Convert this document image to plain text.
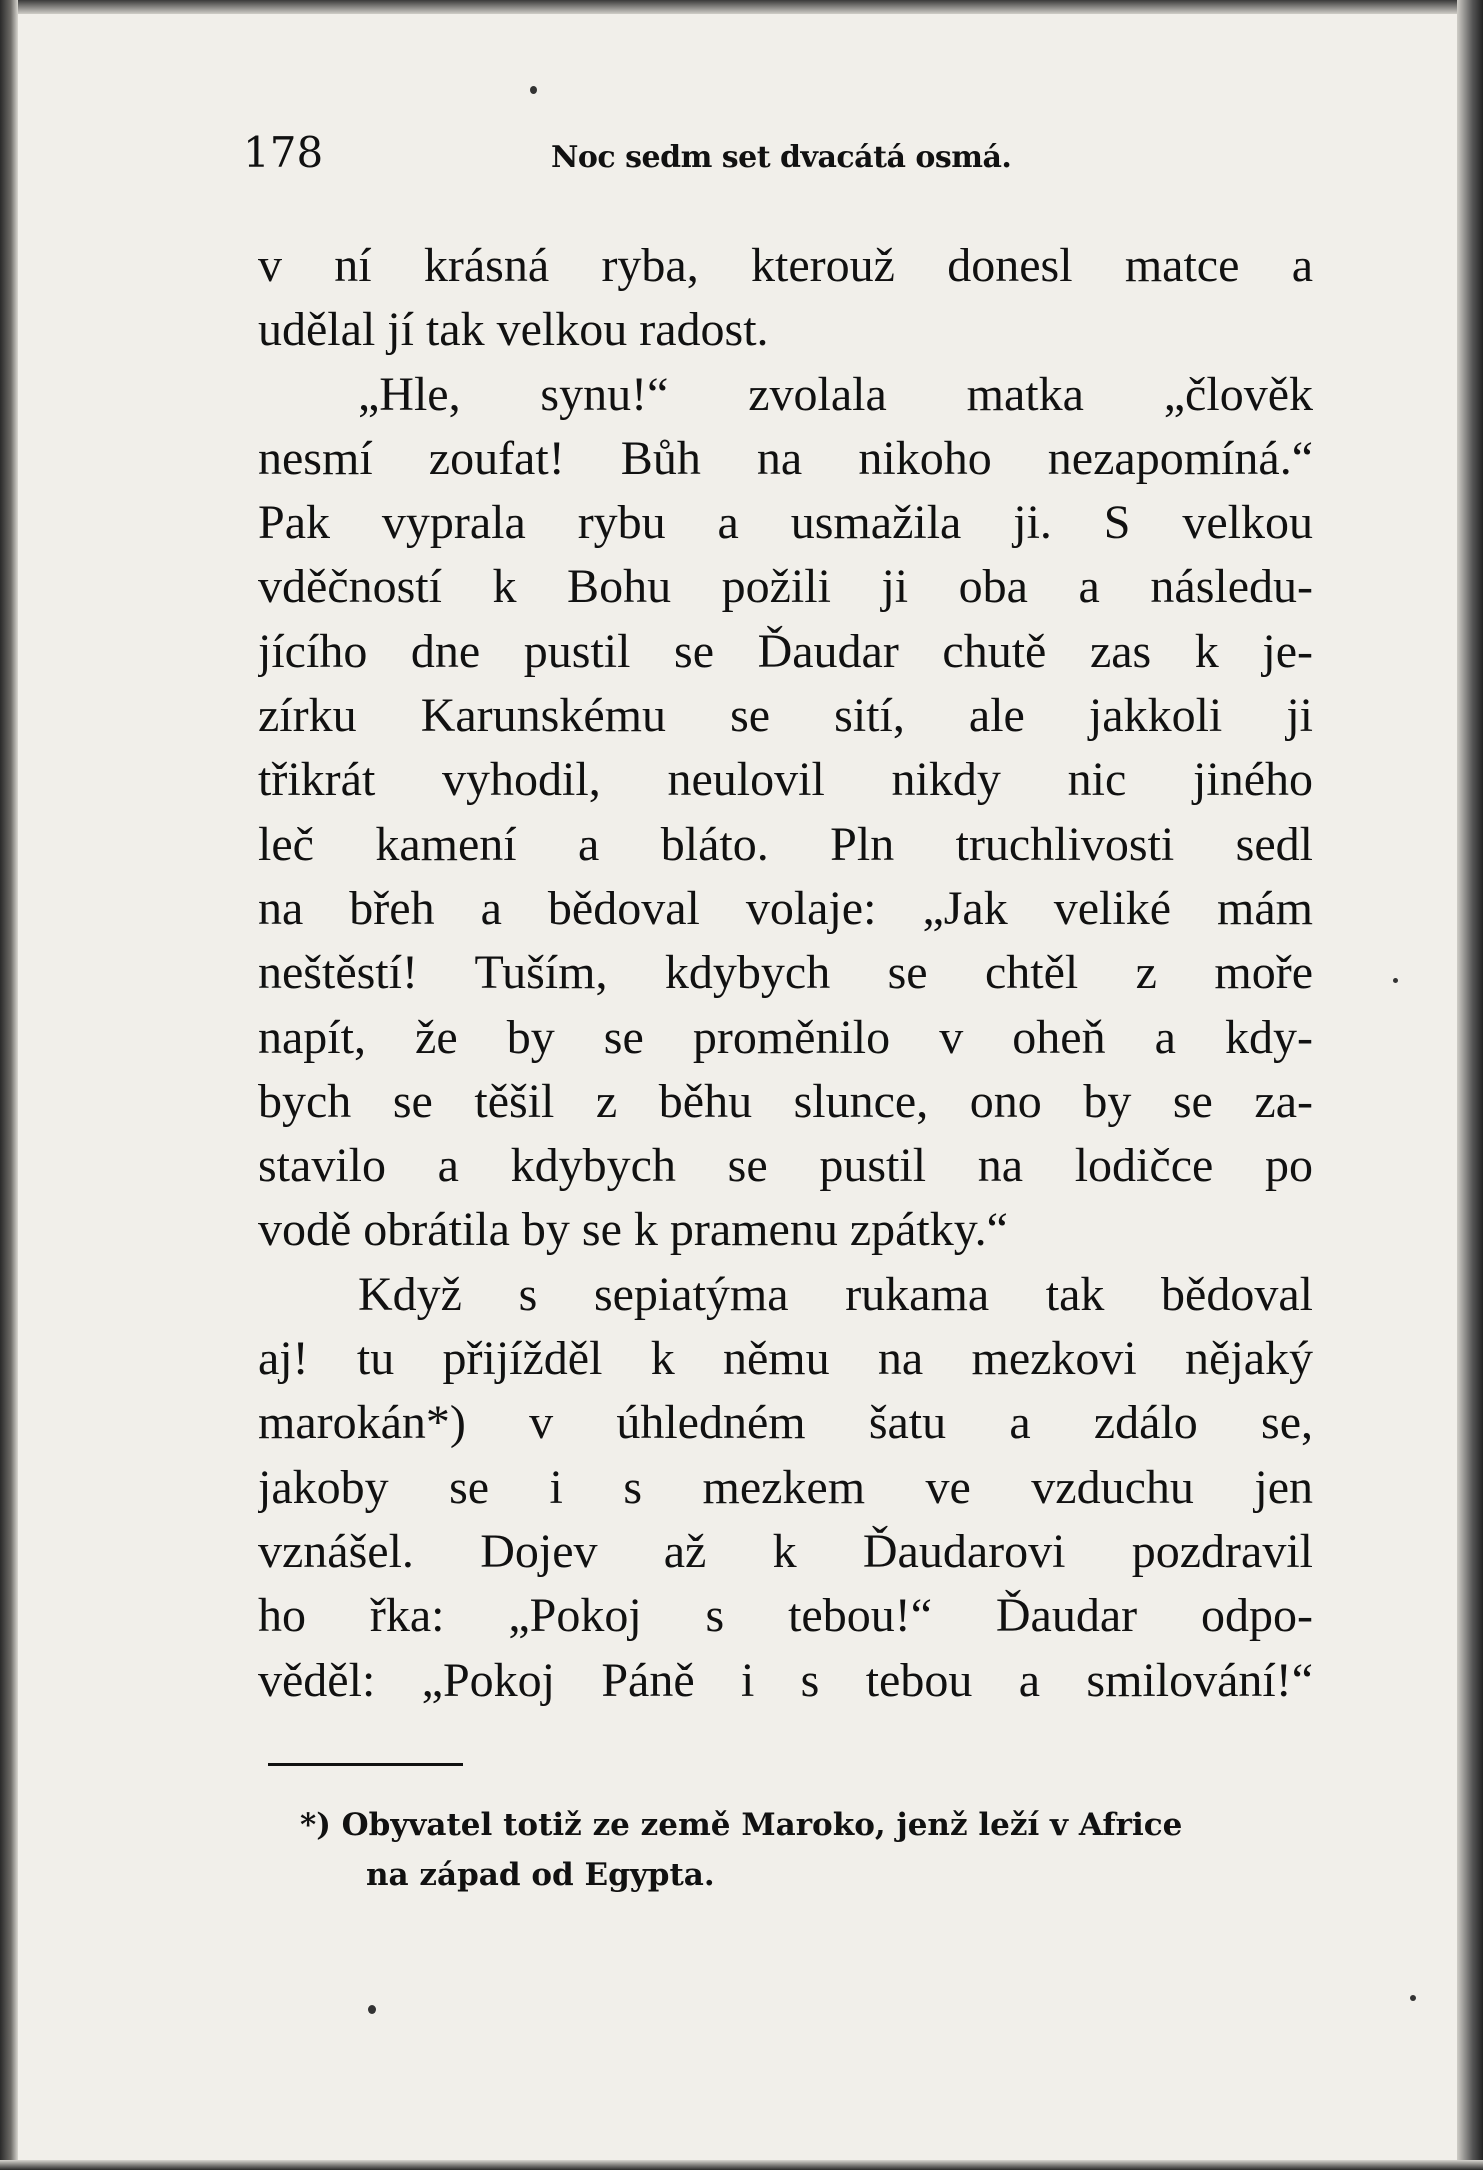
178	Noc sedm set dvacátá osmá.
v ní krásná ryba, kterouž donesl matce a
udělal jí tak velkou radost.
„Hle, synu!“ zvolala matka „člověk
nesmí zoufat! Bůh na nikoho nezapomíná.“
Pak vyprala rybu a usmažila ji. S velkou
vděčností k Bohu požili ji oba a následu-
jícího dne pustil se Ďaudar chutě zas k je-
zírku Karunskému se sití, ale jakkoli ji
třikrát vyhodil, neulovil nikdy nic jiného
leč kamení a bláto. Pln truchlivosti sedl
na břeh a bědoval volaje: „Jak veliké mám
neštěstí! Tuším, kdybych se chtěl z moře
napít, že by se proměnilo v oheň a kdy-
bych se těšil z běhu slunce, ono by se za-
stavilo a kdybych se pustil na lodičce po
vodě obrátila by se k pramenu zpátky.“
Když s sepiatýma rukama tak bědoval
aj! tu přijížděl k němu na mezkovi nějaký
marokán*) v úhledném šatu a zdálo se,
jakoby se i s mezkem ve vzduchu jen
vznášel. Dojev až k Ďaudarovi pozdravil
ho řka: „Pokoj s tebou!“ Ďaudar odpo-
věděl: „Pokoj Páně i s tebou a smilování!“
*) Obyvatel totiž ze země Maroko, jenž leží v Africe
na západ od Egypta.
